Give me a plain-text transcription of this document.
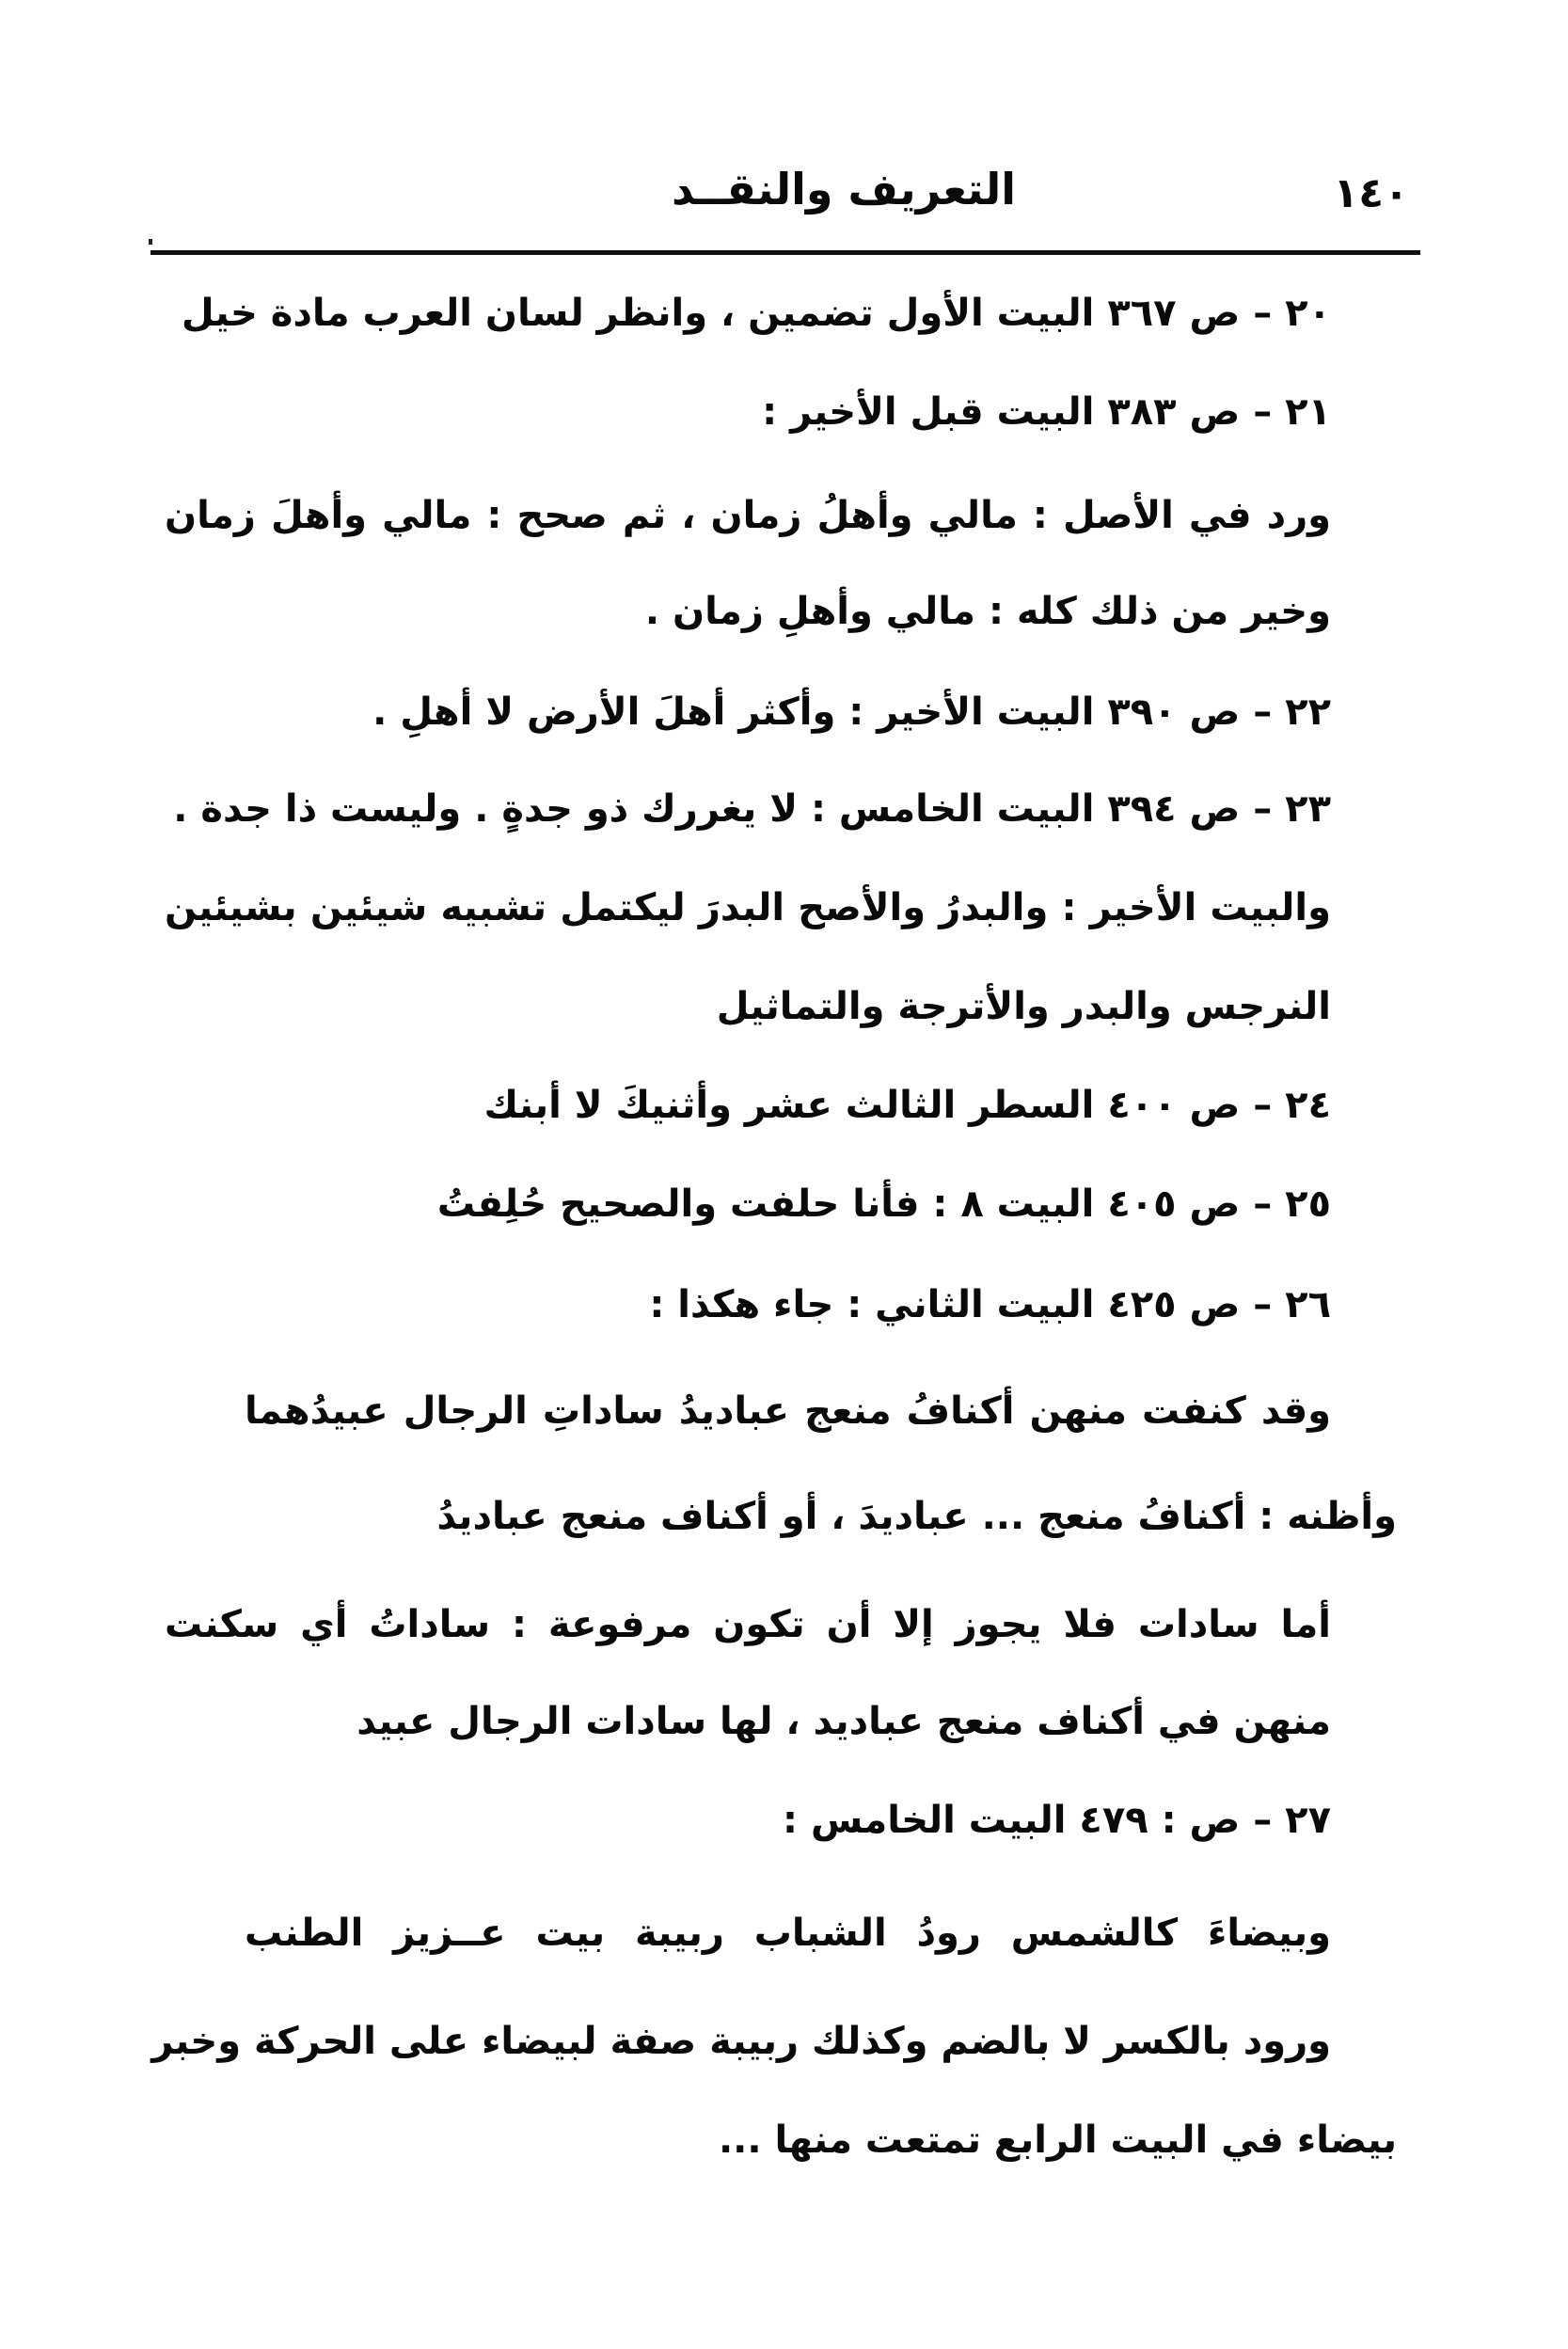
١٤٠
التعريف والنقــد
٢٠ – ص ٣٦٧ البيت الأول تضمين ، وانظر لسان العرب مادة خيل
٢١ – ص ٣٨٣ البيت قبل الأخير :
ورد في الأصل : مالي وأهلُ زمان ، ثم صحح : مالي وأهلَ زمان
وخير من ذلك كله : مالي وأهلِ زمان .
٢٢ – ص ٣٩٠ البيت الأخير : وأكثر أهلَ الأرض لا أهلِ .
٢٣ – ص ٣٩٤ البيت الخامس : لا يغررك ذو جدةٍ . وليست ذا جدة .
والبيت الأخير : والبدرُ والأصح البدرَ ليكتمل تشبيه شيئين بشيئين
النرجس والبدر والأترجة والتماثيل
٢٤ – ص ٤٠٠ السطر الثالث عشر وأثنيكَ لا أبنك
٢٥ – ص ٤٠٥ البيت ٨ : فأنا حلفت والصحيح حُلِفتُ
٢٦ – ص ٤٢٥ البيت الثاني : جاء هكذا :
وقد كنفت منهن أكنافُ منعج عباديدُ ساداتِ الرجال عبيدُهما
وأظنه : أكنافُ منعج ... عباديدَ ، أو أكناف منعج عباديدُ
أما سادات فلا يجوز إلا أن تكون مرفوعة : ساداتُ أي سكنت
منهن في أكناف منعج عباديد ، لها سادات الرجال عبيد
٢٧ – ص : ٤٧٩ البيت الخامس :
وبيضاءَ كالشمس رودُ الشباب ربيبة بيت عــزيز الطنب
ورود بالكسر لا بالضم وكذلك ربيبة صفة لبيضاء على الحركة وخبر
بيضاء في البيت الرابع تمتعت منها ...
